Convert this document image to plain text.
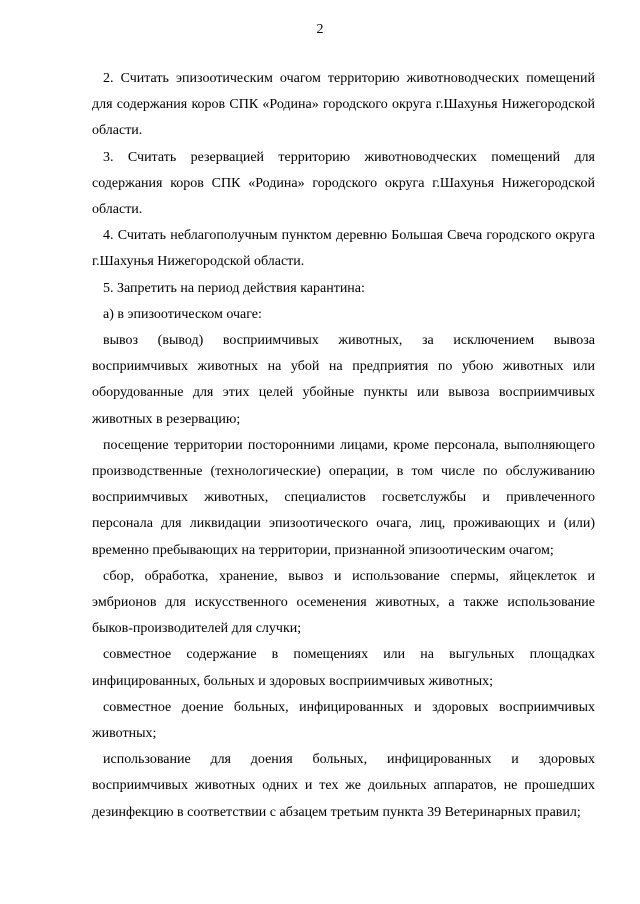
2

2. Считать эпизоотическим очагом территорию животноводческих помещений для содержания коров СПК «Родина» городского округа г.Шахунья Нижегородской области.

3. Считать резервацией территорию животноводческих помещений для содержания коров СПК «Родина» городского округа г.Шахунья Нижегородской области.

4. Считать неблагополучным пунктом деревню Большая Свеча городского округа г.Шахунья Нижегородской области.

5. Запретить на период действия карантина:

а) в эпизоотическом очаге:

вывоз (вывод) восприимчивых животных, за исключением вывоза восприимчивых животных на убой на предприятия по убою животных или оборудованные для этих целей убойные пункты или вывоза восприимчивых животных в резервацию;

посещение территории посторонними лицами, кроме персонала, выполняющего производственные (технологические) операции, в том числе по обслуживанию восприимчивых животных, специалистов госветслужбы и привлеченного персонала для ликвидации эпизоотического очага, лиц, проживающих и (или) временно пребывающих на территории, признанной эпизоотическим очагом;

сбор, обработка, хранение, вывоз и использование спермы, яйцеклеток и эмбрионов для искусственного осеменения животных, а также использование быков-производителей для случки;

совместное содержание в помещениях или на выгульных площадках инфицированных, больных и здоровых восприимчивых животных;

совместное доение больных, инфицированных и здоровых восприимчивых животных;

использование для доения больных, инфицированных и здоровых восприимчивых животных одних и тех же доильных аппаратов, не прошедших дезинфекцию в соответствии с абзацем третьим пункта 39 Ветеринарных правил;
